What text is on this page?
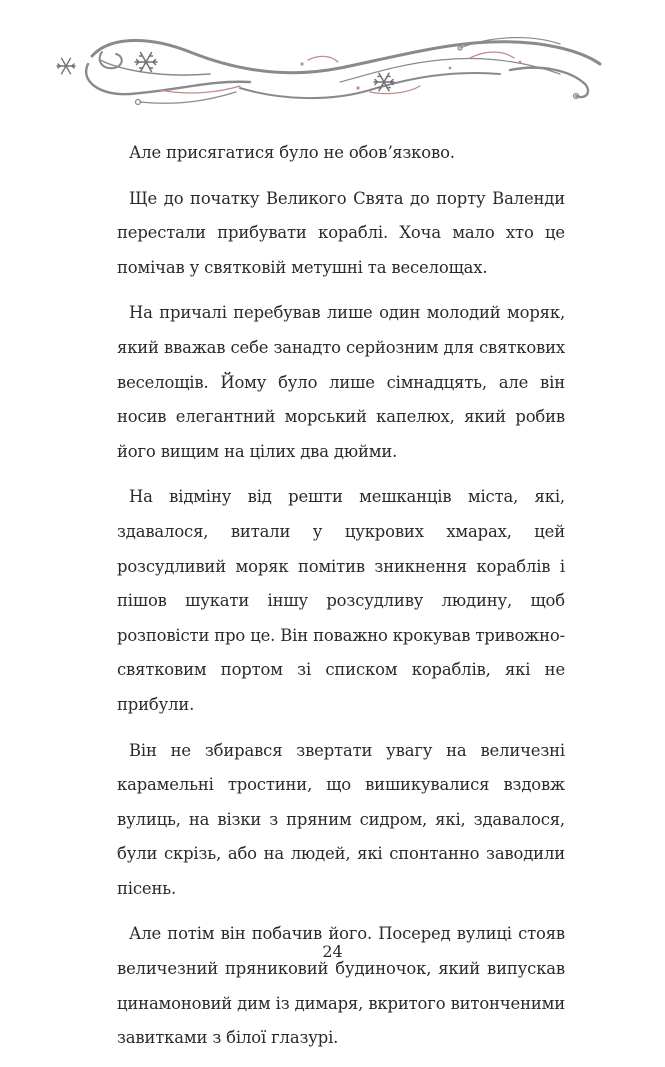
Але присягатися було не обовʼязково.

Ще до початку Великого Свята до порту Валенди перестали прибувати кораблі. Хоча мало хто це помічав у святковій метушні та веселощах.

На причалі перебував лише один молодий моряк, який вважав себе занадто серйозним для святкових веселощів. Йому було лише сімнадцять, але він носив елегантний морський капелюх, який робив його вищим на цілих два дюйми.

На відміну від решти мешканців міста, які, здавалося, витали у цукрових хмарах, цей розсудливий моряк помітив зникнення кораблів і пішов шукати іншу розсудливу людину, щоб розповісти про це. Він поважно крокував тривожно-святковим портом зі списком кораблів, які не прибули.

Він не збирався звертати увагу на величезні карамельні тростини, що вишикувалися вздовж вулиць, на візки з пряним сидром, які, здавалося, були скрізь, або на людей, які спонтанно заводили пісень.

Але потім він побачив його. Посеред вулиці стояв величезний пряниковий будиночок, який випускав цинамоновий дим із димаря, вкритого витонченими завитками з білої глазурі.

24
